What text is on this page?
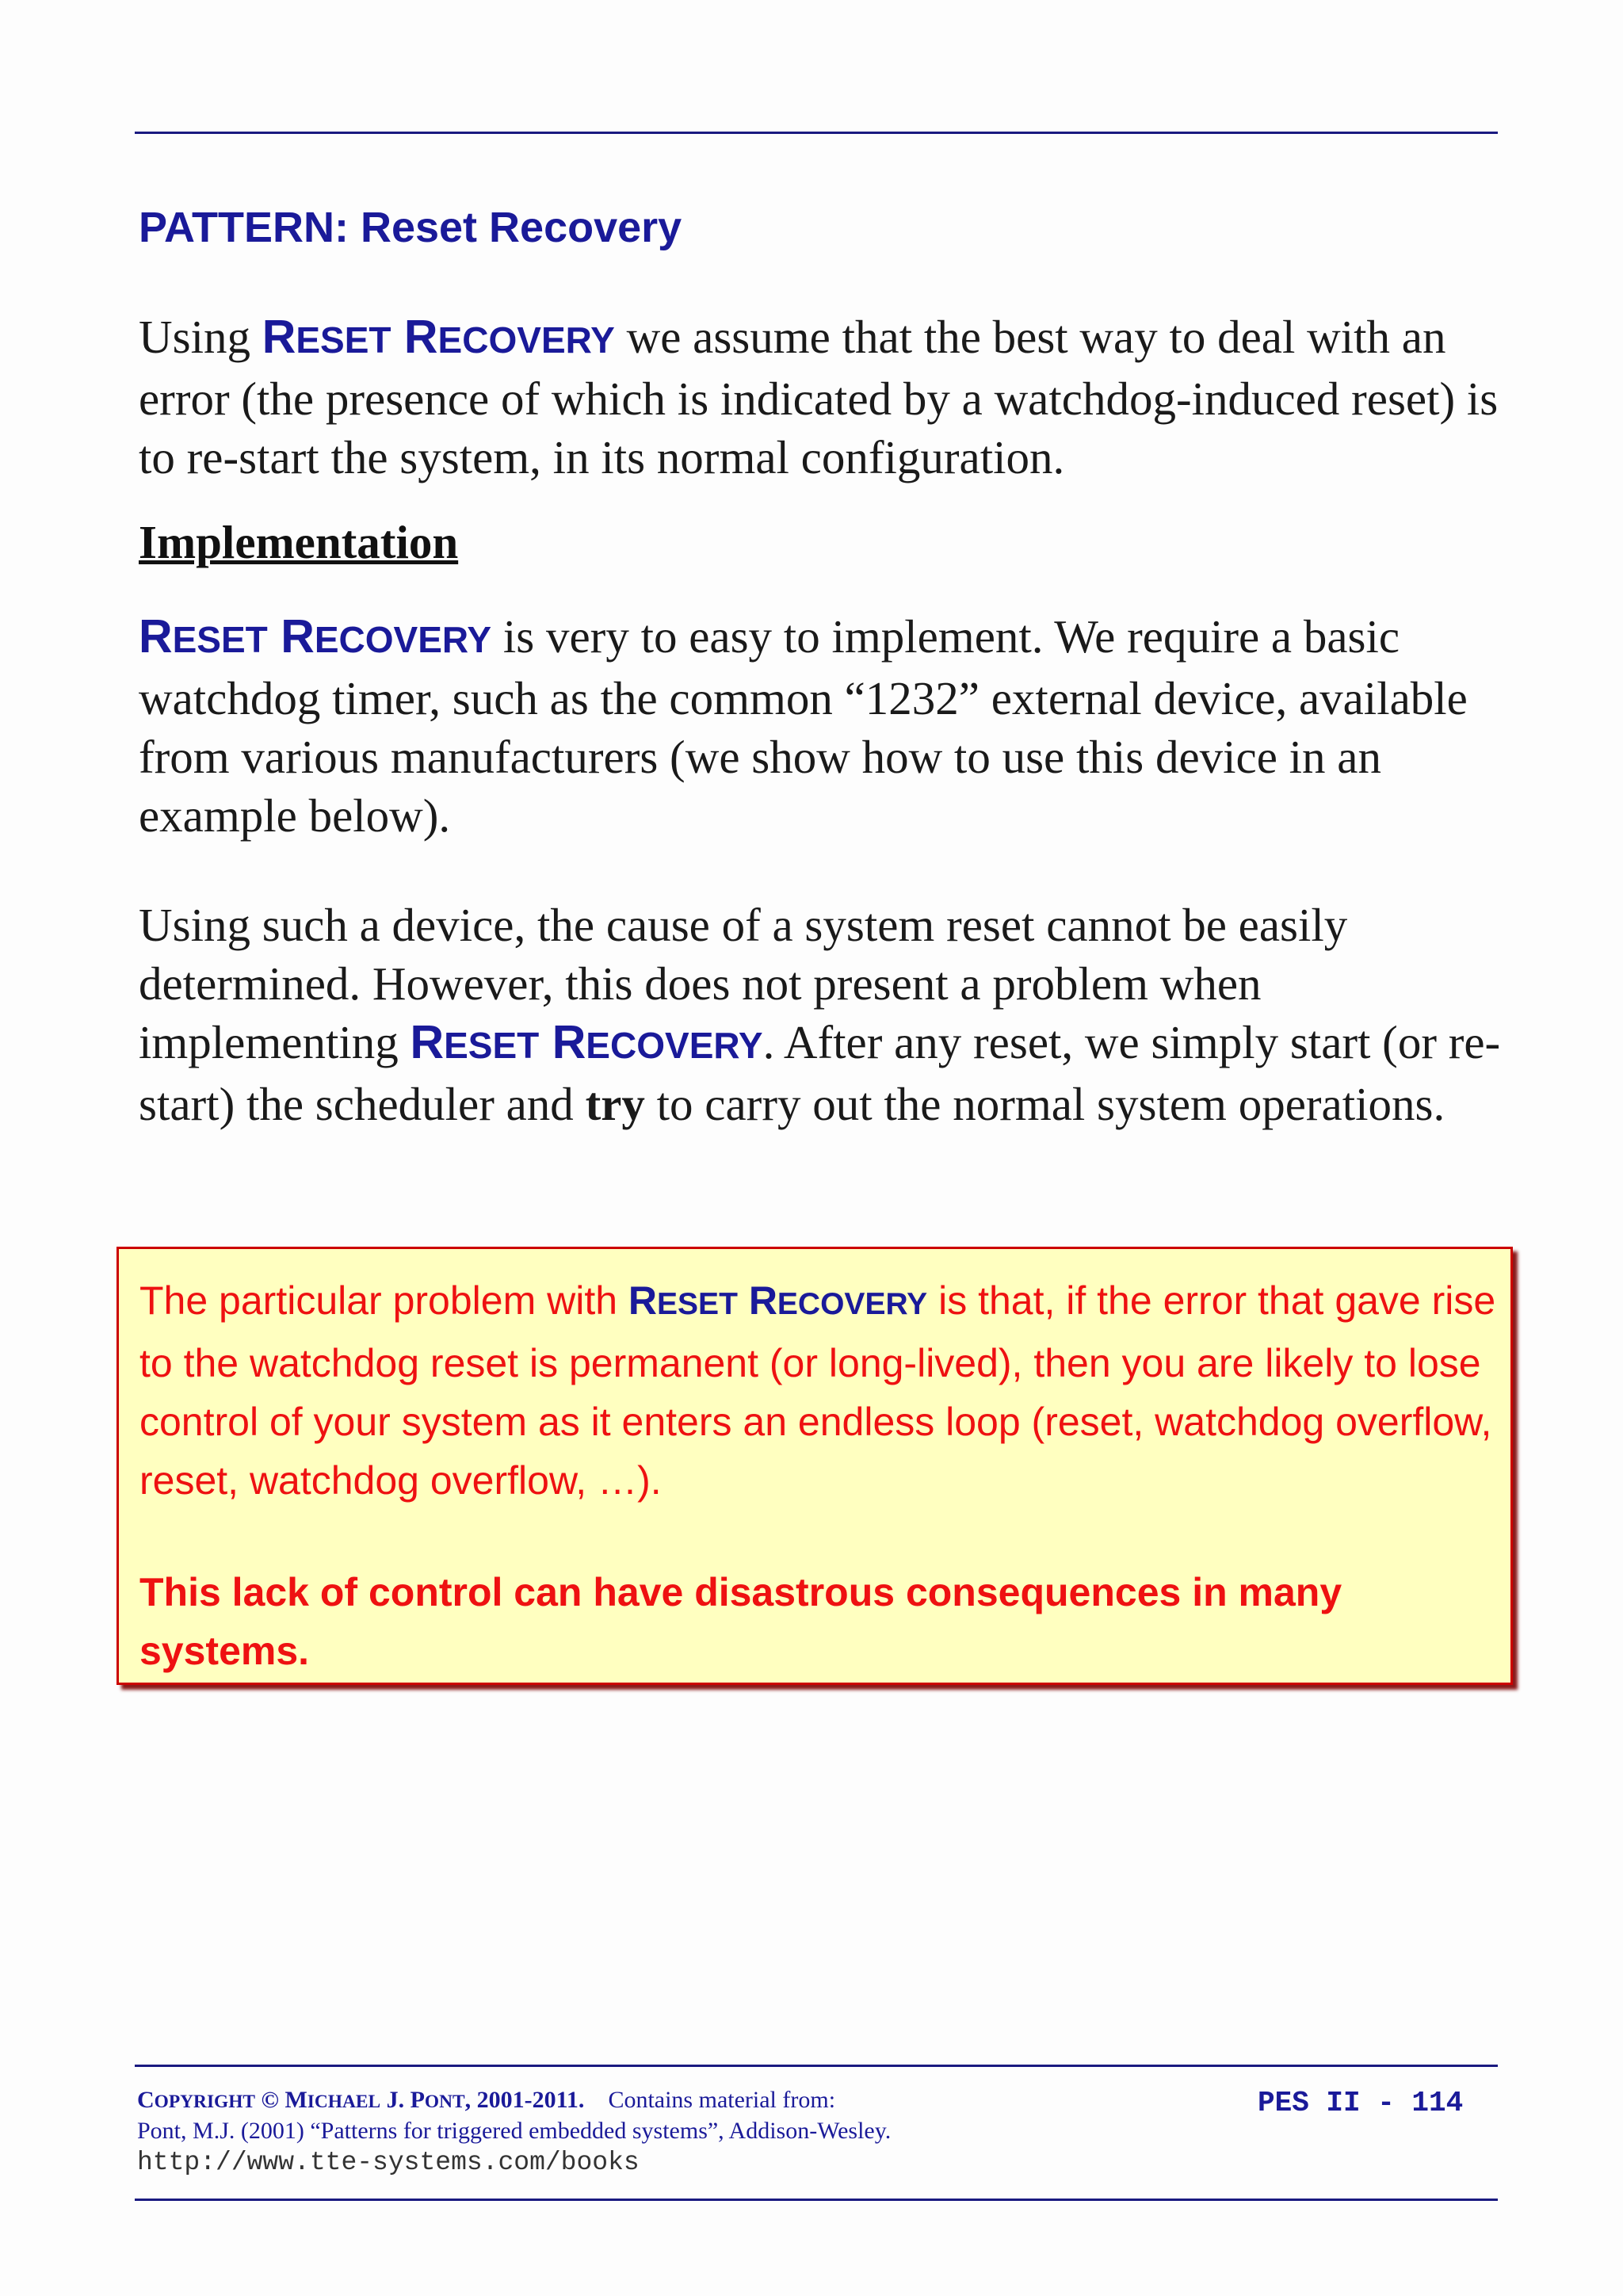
PATTERN: Reset Recovery

Using RESET RECOVERY we assume that the best way to deal with an error (the presence of which is indicated by a watchdog-induced reset) is to re-start the system, in its normal configuration.

Implementation

RESET RECOVERY is very to easy to implement. We require a basic watchdog timer, such as the common “1232” external device, available from various manufacturers (we show how to use this device in an example below).

Using such a device, the cause of a system reset cannot be easily determined. However, this does not present a problem when implementing RESET RECOVERY. After any reset, we simply start (or re-start) the scheduler and try to carry out the normal system operations.

The particular problem with RESET RECOVERY is that, if the error that gave rise to the watchdog reset is permanent (or long-lived), then you are likely to lose control of your system as it enters an endless loop (reset, watchdog overflow, reset, watchdog overflow, …).

This lack of control can have disastrous consequences in many systems.

COPYRIGHT © MICHAEL J. PONT, 2001-2011. Contains material from:	PES II - 114

Pont, M.J. (2001) “Patterns for triggered embedded systems”, Addison-Wesley.

http://www.tte-systems.com/books
